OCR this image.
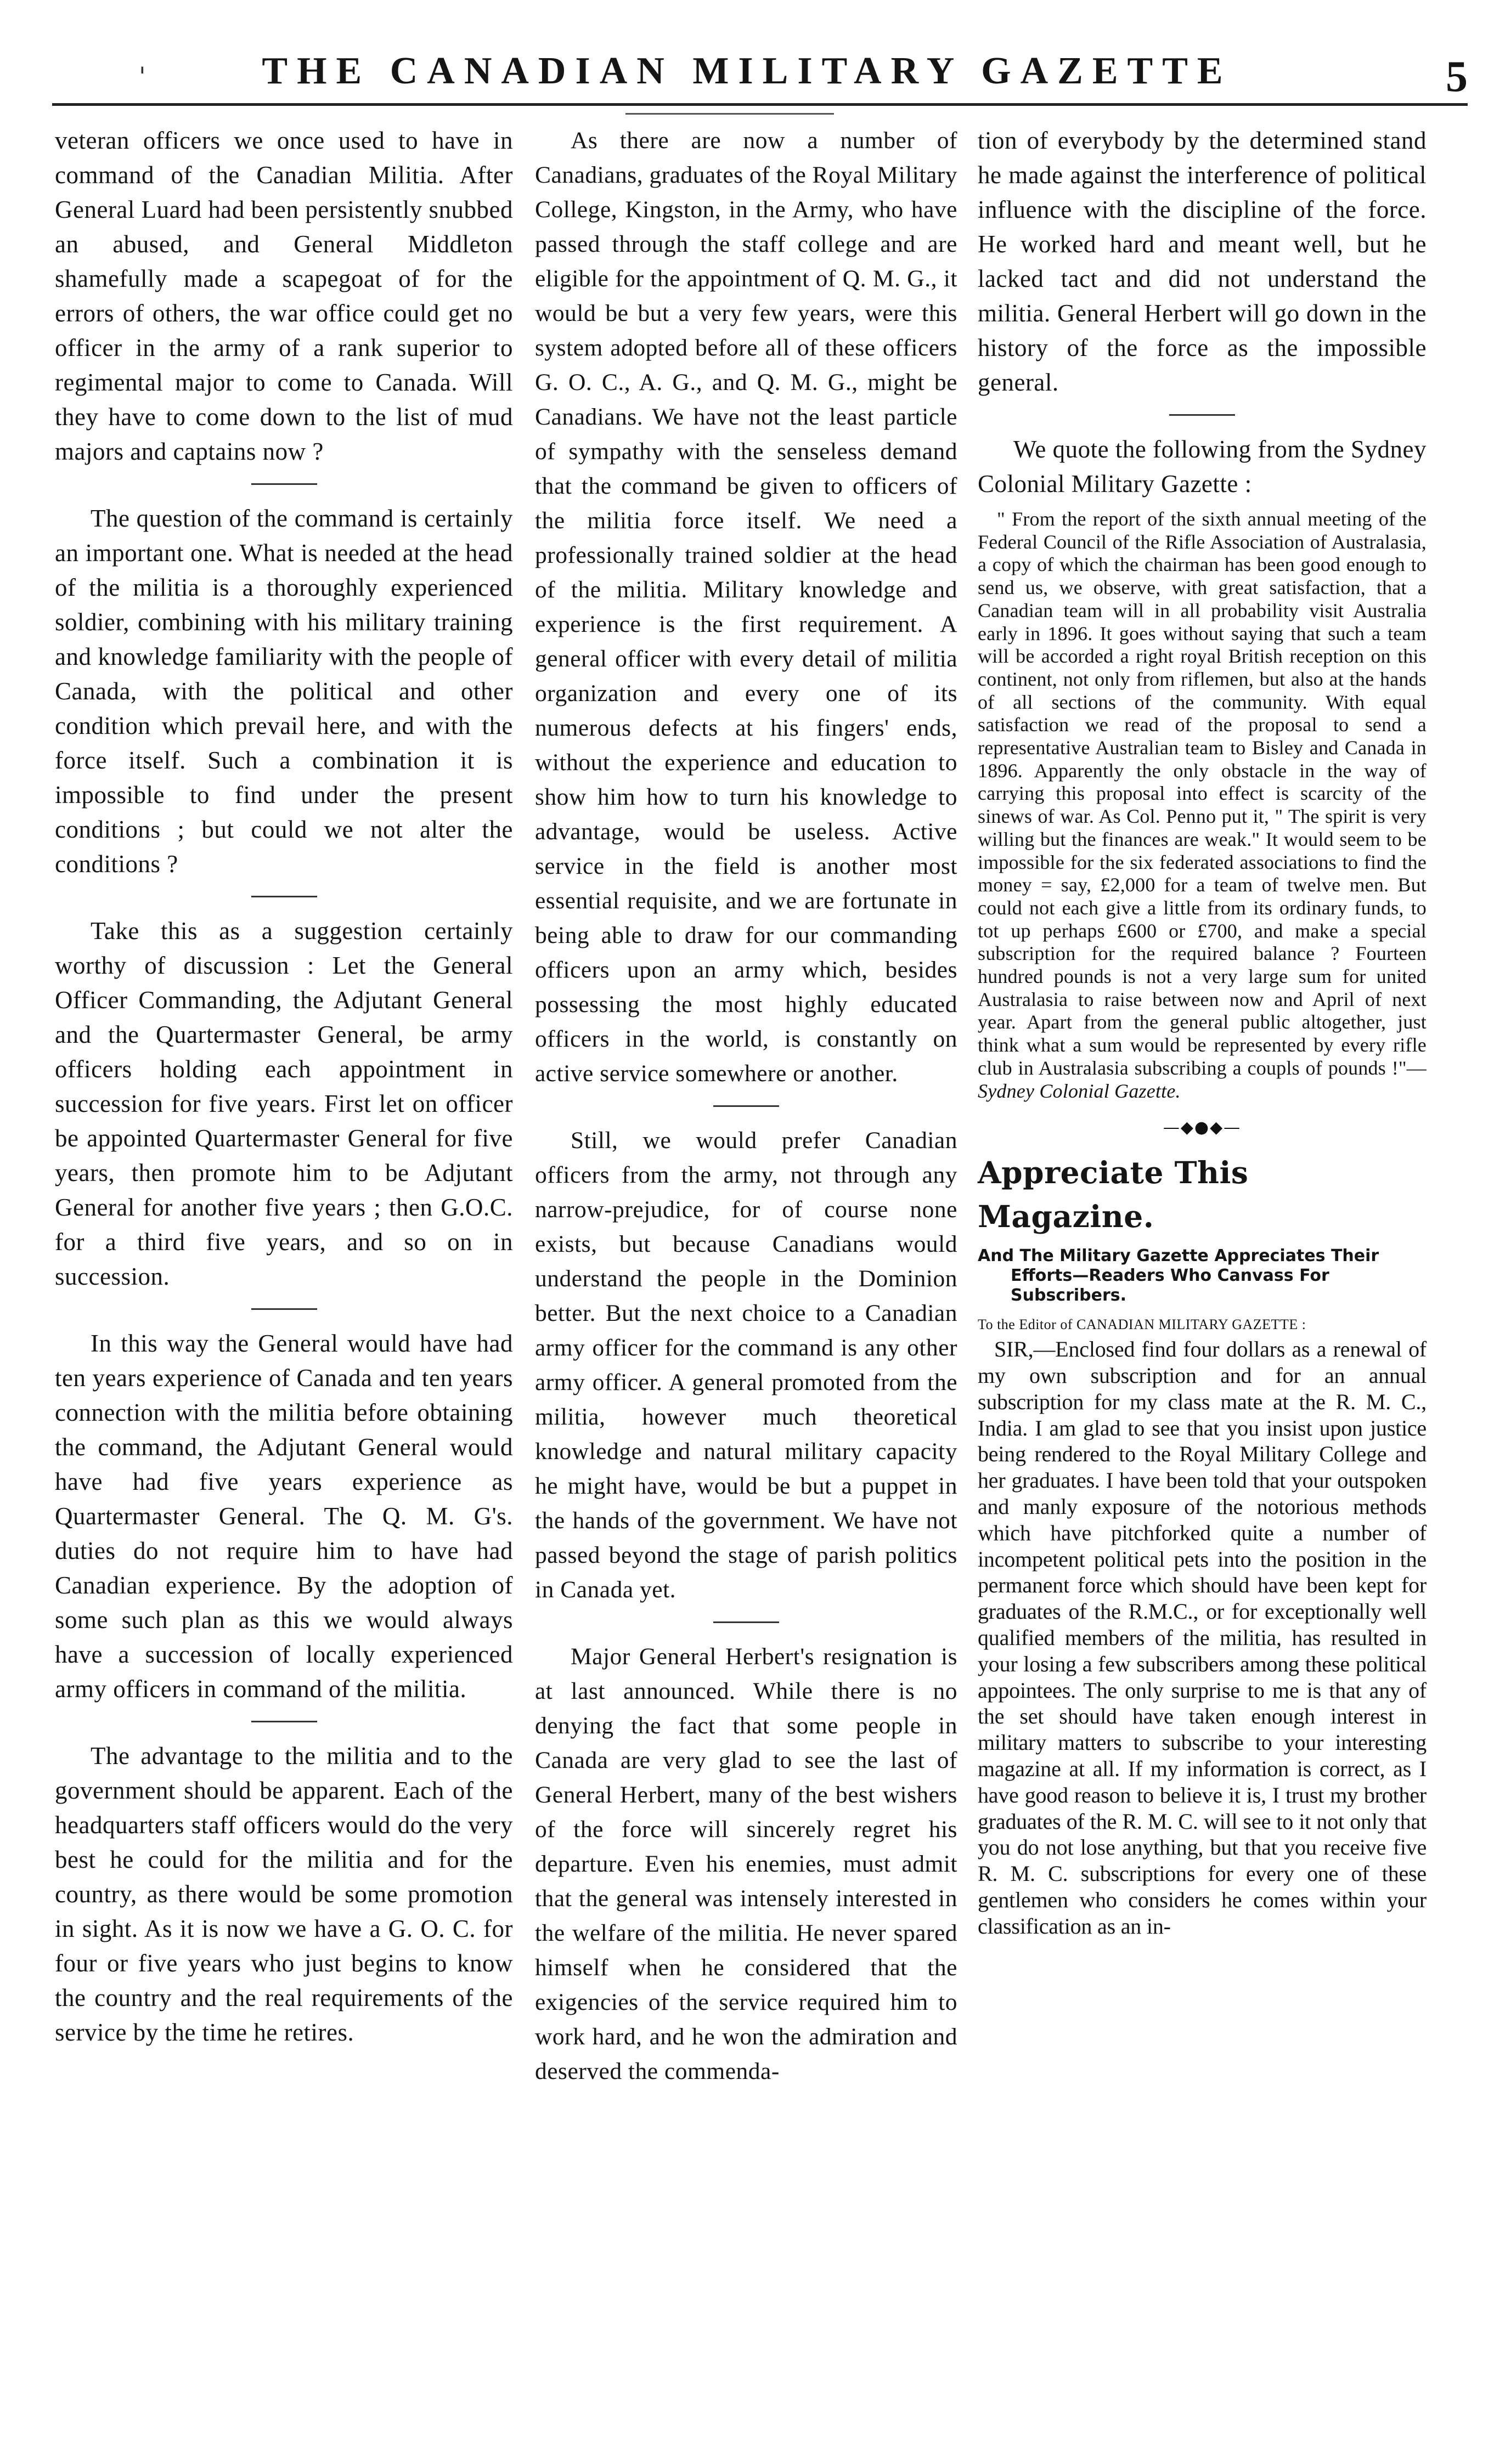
'	THE CANADIAN MILITARY GAZETTE	5

veteran officers we once used to have in command of the Canadian Militia. After General Luard had been persistently snubbed an abused, and General Middleton shamefully made a scapegoat of for the errors of others, the war office could get no officer in the army of a rank superior to regimental major to come to Canada. Will they have to come down to the list of mud majors and captains now ?

The question of the command is certainly an important one. What is needed at the head of the militia is a thoroughly experienced soldier, combining with his military training and knowledge familiarity with the people of Canada, with the political and other condition which prevail here, and with the force itself. Such a combination it is impossible to find under the present conditions ; but could we not alter the conditions ?

Take this as a suggestion certainly worthy of discussion : Let the General Officer Commanding, the Adjutant General and the Quartermaster General, be army officers holding each appointment in succession for five years. First let on officer be appointed Quartermaster General for five years, then promote him to be Adjutant General for another five years ; then G.O.C. for a third five years, and so on in succession.

In this way the General would have had ten years experience of Canada and ten years connection with the militia before obtaining the command, the Adjutant General would have had five years experience as Quartermaster General. The Q. M. G's. duties do not require him to have had Canadian experience. By the adoption of some such plan as this we would always have a succession of locally experienced army officers in command of the militia.

The advantage to the militia and to the government should be apparent. Each of the headquarters staff officers would do the very best he could for the militia and for the country, as there would be some promotion in sight. As it is now we have a G. O. C. for four or five years who just begins to know the country and the real requirements of the service by the time he retires.

As there are now a number of Canadians, graduates of the Royal Military College, Kingston, in the Army, who have passed through the staff college and are eligible for the appointment of Q. M. G., it would be but a very few years, were this system adopted before all of these officers G. O. C., A. G., and Q. M. G., might be Canadians. We have not the least particle of sympathy with the senseless demand that the command be given to officers of the militia force itself. We need a professionally trained soldier at the head of the militia. Military knowledge and experience is the first requirement. A general officer with every detail of militia organization and every one of its numerous defects at his fingers' ends, without the experience and education to show him how to turn his knowledge to advantage, would be useless. Active service in the field is another most essential requisite, and we are fortunate in being able to draw for our commanding officers upon an army which, besides possessing the most highly educated officers in the world, is constantly on active service somewhere or another.

Still, we would prefer Canadian officers from the army, not through any narrow-prejudice, for of course none exists, but because Canadians would understand the people in the Dominion better. But the next choice to a Canadian army officer for the command is any other army officer. A general promoted from the militia, however much theoretical knowledge and natural military capacity he might have, would be but a puppet in the hands of the government. We have not passed beyond the stage of parish politics in Canada yet.

Major General Herbert's resignation is at last announced. While there is no denying the fact that some people in Canada are very glad to see the last of General Herbert, many of the best wishers of the force will sincerely regret his departure. Even his enemies, must admit that the general was intensely interested in the welfare of the militia. He never spared himself when he considered that the exigencies of the service required him to work hard, and he won the admiration and deserved the commenda-

tion of everybody by the determined stand he made against the interference of political influence with the discipline of the force. He worked hard and meant well, but he lacked tact and did not understand the militia. General Herbert will go down in the history of the force as the impossible general.

We quote the following from the Sydney Colonial Military Gazette :

" From the report of the sixth annual meeting of the Federal Council of the Rifle Association of Australasia, a copy of which the chairman has been good enough to send us, we observe, with great satisfaction, that a Canadian team will in all probability visit Australia early in 1896. It goes without saying that such a team will be accorded a right royal British reception on this continent, not only from riflemen, but also at the hands of all sections of the community. With equal satisfaction we read of the proposal to send a representative Australian team to Bisley and Canada in 1896. Apparently the only obstacle in the way of carrying this proposal into effect is scarcity of the sinews of war. As Col. Penno put it, " The spirit is very willing but the finances are weak." It would seem to be impossible for the six federated associations to find the money = say, £2,000 for a team of twelve men. But could not each give a little from its ordinary funds, to tot up perhaps £600 or £700, and make a special subscription for the required balance ? Fourteen hundred pounds is not a very large sum for united Australasia to raise between now and April of next year. Apart from the general public altogether, just think what a sum would be represented by every rifle club in Australasia subscribing a coupls of pounds !"—Sydney Colonial Gazette.

—◆●◆—
Appreciate This Magazine.
And The Military Gazette Appreciates Their Efforts—Readers Who Canvass For Subscribers.
To the Editor of CANADIAN MILITARY GAZETTE :

SIR,—Enclosed find four dollars as a renewal of my own subscription and for an annual subscription for my class mate at the R. M. C., India. I am glad to see that you insist upon justice being rendered to the Royal Military College and her graduates. I have been told that your outspoken and manly exposure of the notorious methods which have pitchforked quite a number of incompetent political pets into the position in the permanent force which should have been kept for graduates of the R.M.C., or for exceptionally well qualified members of the militia, has resulted in your losing a few subscribers among these political appointees. The only surprise to me is that any of the set should have taken enough interest in military matters to subscribe to your interesting magazine at all. If my information is correct, as I have good reason to believe it is, I trust my brother graduates of the R. M. C. will see to it not only that you do not lose anything, but that you receive five R. M. C. subscriptions for every one of these gentlemen who considers he comes within your classification as an in-
